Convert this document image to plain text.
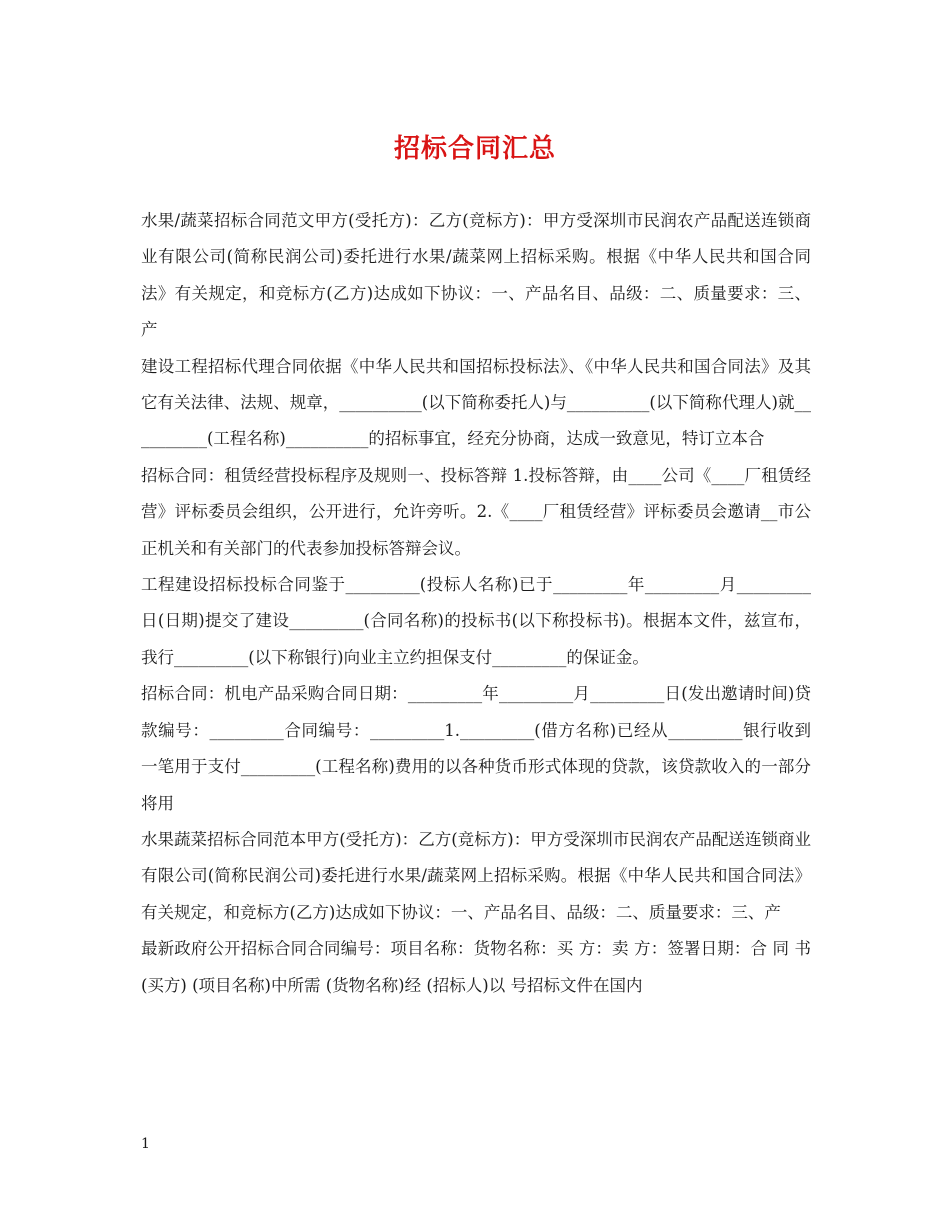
招标合同汇总

水果/蔬菜招标合同范文甲方(受托方)：乙方(竞标方)：甲方受深圳市民润农产品配送连锁商业有限公司(简称民润公司)委托进行水果/蔬菜网上招标采购。根据《中华人民共和国合同法》有关规定，和竞标方(乙方)达成如下协议：一、产品名目、品级：二、质量要求：三、产

建设工程招标代理合同依据《中华人民共和国招标投标法》、《中华人民共和国合同法》及其它有关法律、法规、规章，__________(以下简称委托人)与__________(以下简称代理人)就__________(工程名称)__________的招标事宜，经充分协商，达成一致意见，特订立本合

招标合同：租赁经营投标程序及规则一、投标答辩 1.投标答辩，由____公司《____厂租赁经营》评标委员会组织，公开进行，允许旁听。2.《____厂租赁经营》评标委员会邀请__市公正机关和有关部门的代表参加投标答辩会议。

工程建设招标投标合同鉴于_________(投标人名称)已于_________年_________月_________日(日期)提交了建设_________(合同名称)的投标书(以下称投标书)。根据本文件，兹宣布，我行_________(以下称银行)向业主立约担保支付_________的保证金。

招标合同：机电产品采购合同日期：_________年_________月_________日(发出邀请时间)贷款编号：_________合同编号：_________1._________(借方名称)已经从_________银行收到一笔用于支付_________(工程名称)费用的以各种货币形式体现的贷款，该贷款收入的一部分将用

水果蔬菜招标合同范本甲方(受托方)：乙方(竞标方)：甲方受深圳市民润农产品配送连锁商业有限公司(简称民润公司)委托进行水果/蔬菜网上招标采购。根据《中华人民共和国合同法》有关规定，和竞标方(乙方)达成如下协议：一、产品名目、品级：二、质量要求：三、产

最新政府公开招标合同合同编号：项目名称：货物名称：买 方：卖 方：签署日期：合 同 书(买方) (项目名称)中所需 (货物名称)经 (招标人)以 号招标文件在国内

1
